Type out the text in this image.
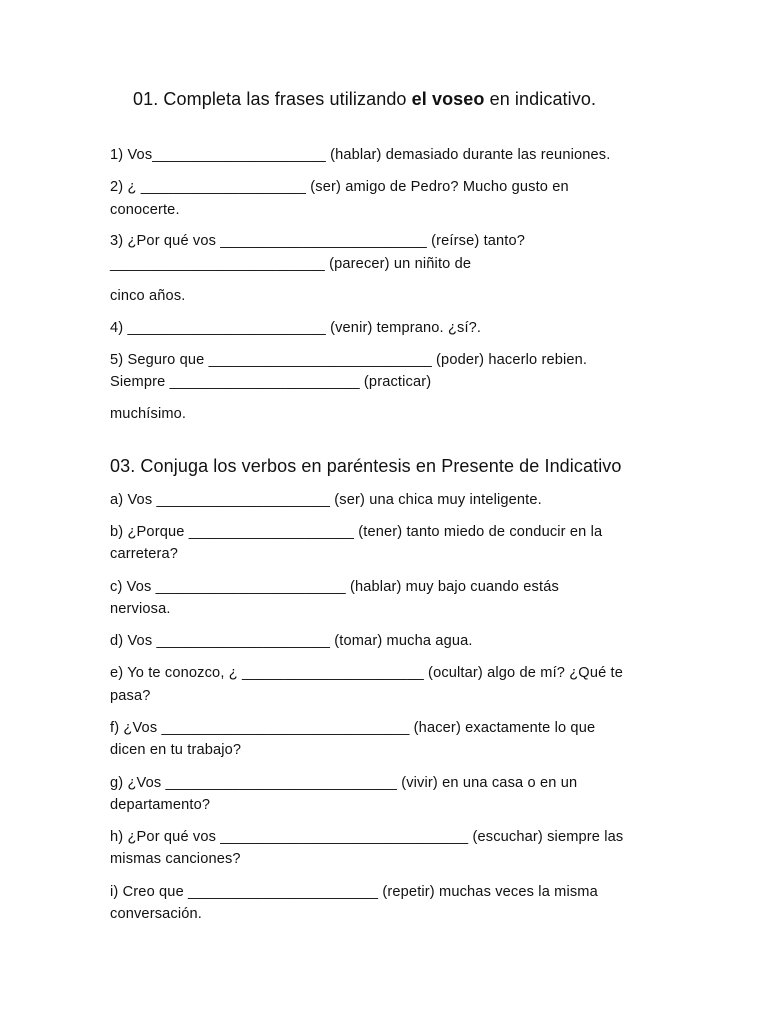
01. Completa las frases utilizando el voseo en indicativo.
1) Vos_____________________ (hablar) demasiado durante las reuniones.
2) ¿ ____________________ (ser) amigo de Pedro? Mucho gusto en
conocerte.
3) ¿Por qué vos _________________________ (reírse) tanto?
__________________________ (parecer) un niñito de
cinco años.
4) ________________________ (venir) temprano. ¿sí?.
5) Seguro que ___________________________ (poder) hacerlo rebien.
Siempre _______________________ (practicar)
muchísimo.
03. Conjuga los verbos en paréntesis en Presente de Indicativo
a) Vos _____________________ (ser) una chica muy inteligente.
b) ¿Porque ____________________ (tener) tanto miedo de conducir en la
carretera?
c) Vos _______________________ (hablar) muy bajo cuando estás
nerviosa.
d) Vos _____________________ (tomar) mucha agua.
e) Yo te conozco, ¿ ______________________ (ocultar) algo de mí? ¿Qué te
pasa?
f) ¿Vos ______________________________ (hacer) exactamente lo que
dicen en tu trabajo?
g) ¿Vos ____________________________ (vivir) en una casa o en un
departamento?
h) ¿Por qué vos ______________________________ (escuchar) siempre las
mismas canciones?
i) Creo que _______________________ (repetir) muchas veces la misma
conversación.
